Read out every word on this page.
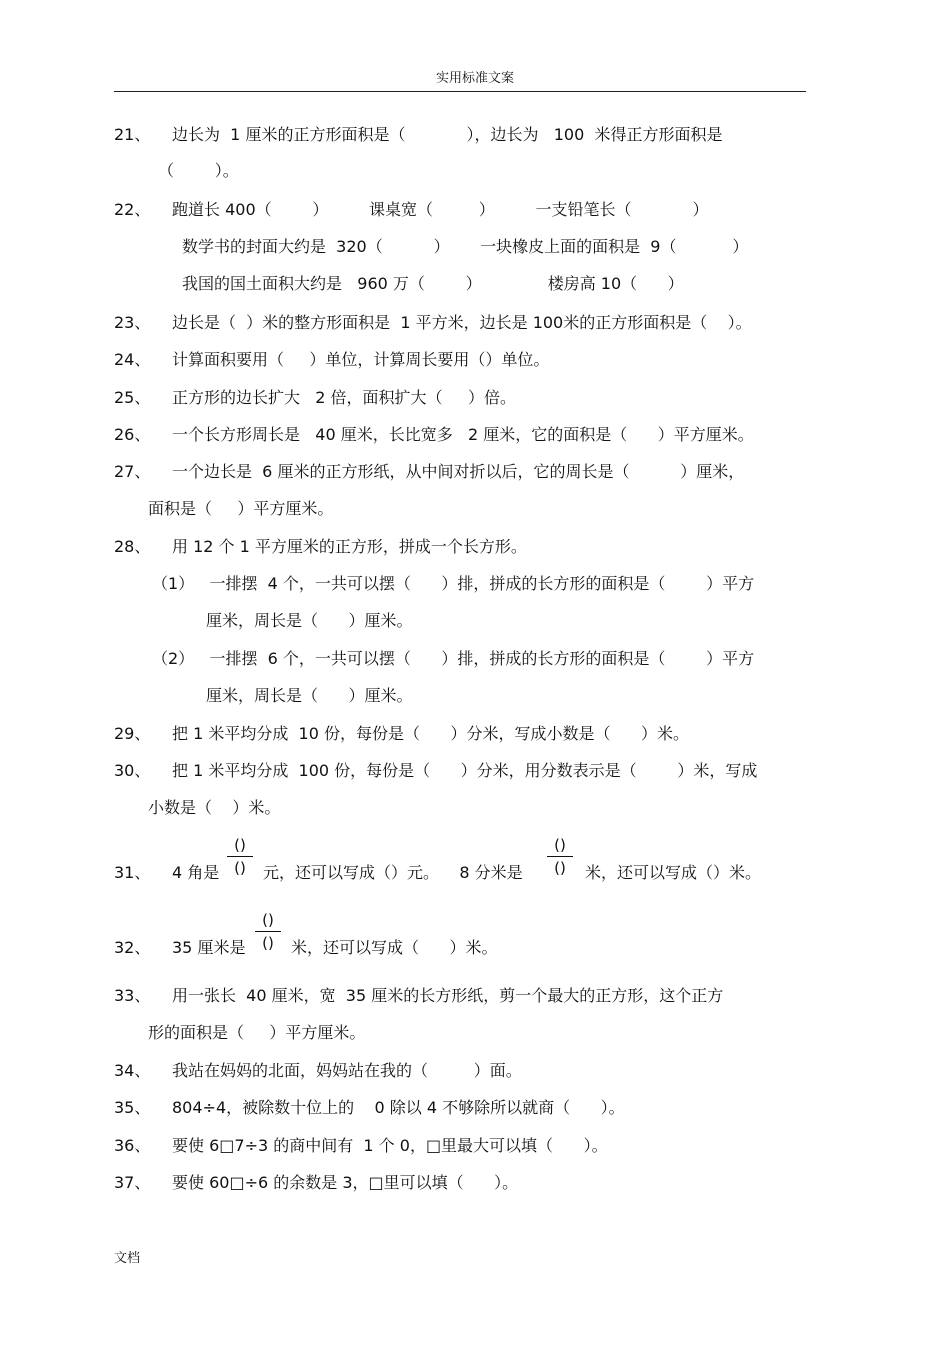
实用标准文案
21、 边长为  1 厘米的正方形面积是（            ），边长为   100  米得正方形面积是
（        ）。
22、 跑道长 400（        ）        课桌宽（         ）        一支铅笔长（            ）
数学书的封面大约是  320（          ）      一块橡皮上面的面积是  9（           ）
我国的国土面积大约是   960 万（        ）             楼房高 10（      ）
23、 边长是（  ）米的整方形面积是  1 平方米，边长是 100米的正方形面积是（    ）。
24、 计算面积要用（     ）单位，计算周长要用（）单位。
25、 正方形的边长扩大   2 倍，面积扩大（     ）倍。
26、 一个长方形周长是   40 厘米，长比宽多   2 厘米，它的面积是（      ）平方厘米。
27、 一个边长是  6 厘米的正方形纸，从中间对折以后，它的周长是（          ）厘米，
面积是（     ）平方厘米。
28、 用 12 个 1 平方厘米的正方形，拼成一个长方形。
（1）   一排摆  4 个，一共可以摆（      ）排，拼成的长方形的面积是（        ）平方
厘米，周长是（      ）厘米。
（2）   一排摆  6 个，一共可以摆（      ）排，拼成的长方形的面积是（        ）平方
厘米，周长是（      ）厘米。
29、 把 1 米平均分成  10 份，每份是（      ）分米，写成小数是（      ）米。
30、 把 1 米平均分成  100 份，每份是（      ）分米，用分数表示是（        ）米，写成
小数是（    ）米。
31、 4 角是
()
()	元，还可以写成（）元。    8 分米是
()
()	米，还可以写成（）米。
32、 35 厘米是
()
()	米，还可以写成（      ）米。
33、 用一张长  40 厘米，宽  35 厘米的长方形纸，剪一个最大的正方形，这个正方
形的面积是（     ）平方厘米。
34、 我站在妈妈的北面，妈妈站在我的（         ）面。
35、 804÷4，被除数十位上的    0 除以 4 不够除所以就商（      ）。
36、 要使 6□7÷3 的商中间有  1 个 0，□里最大可以填（      ）。
37、 要使 60□÷6 的余数是 3，□里可以填（      ）。
文档
